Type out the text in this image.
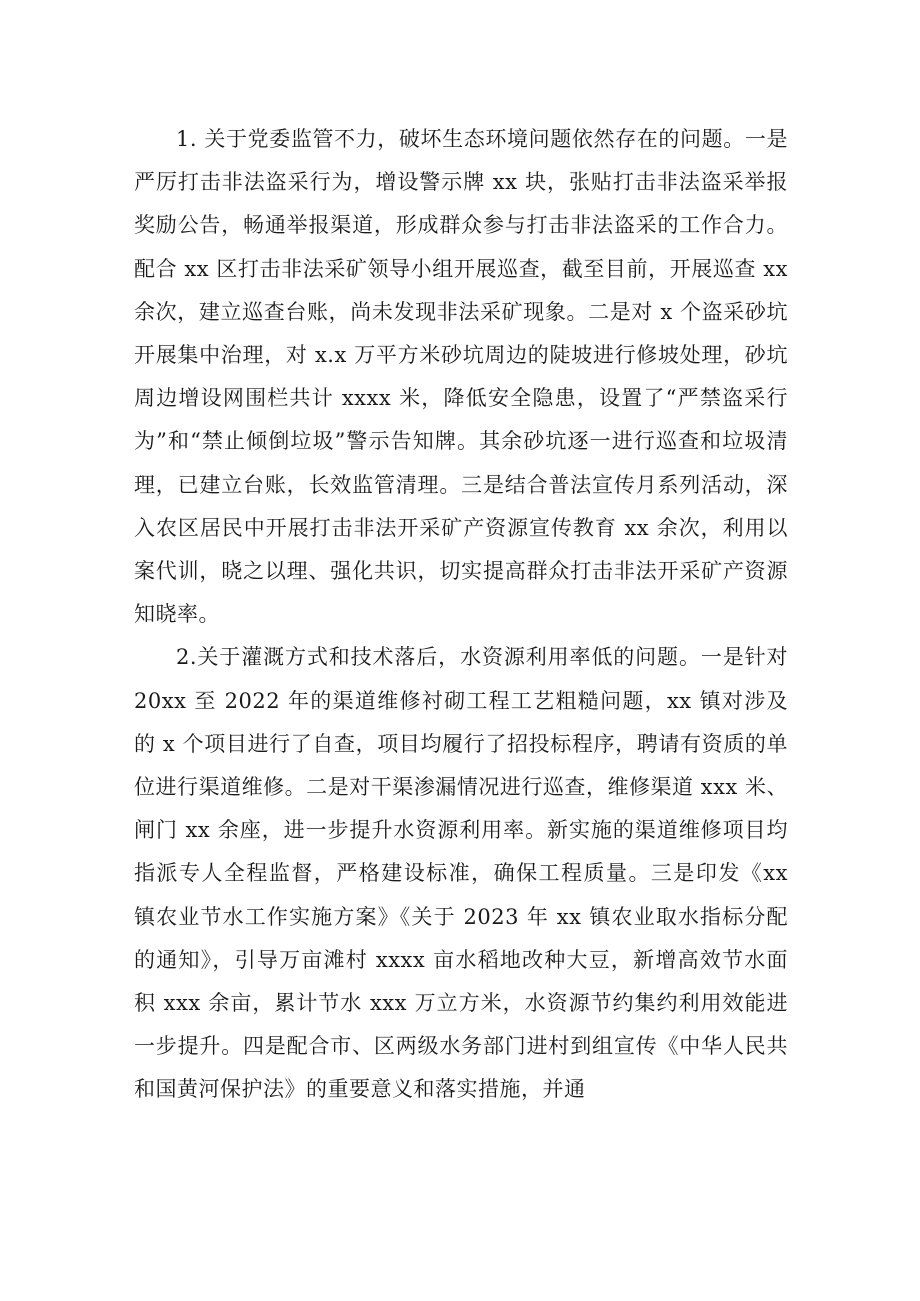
1. 关于党委监管不力，破坏生态环境问题依然存在的问题。一是严厉打击非法盗采行为，增设警示牌 xx 块，张贴打击非法盗采举报奖励公告，畅通举报渠道，形成群众参与打击非法盗采的工作合力。配合 xx 区打击非法采矿领导小组开展巡查，截至目前，开展巡查 xx 余次，建立巡查台账，尚未发现非法采矿现象。二是对 x 个盗采砂坑开展集中治理，对 x.x 万平方米砂坑周边的陡坡进行修坡处理，砂坑周边增设网围栏共计 xxxx 米，降低安全隐患，设置了“严禁盗采行为”和“禁止倾倒垃圾”警示告知牌。其余砂坑逐一进行巡查和垃圾清理，已建立台账，长效监管清理。三是结合普法宣传月系列活动，深入农区居民中开展打击非法开采矿产资源宣传教育 xx 余次，利用以案代训，晓之以理、强化共识，切实提高群众打击非法开采矿产资源知晓率。

2.关于灌溉方式和技术落后，水资源利用率低的问题。一是针对 20xx 至 2022 年的渠道维修衬砌工程工艺粗糙问题，xx 镇对涉及的 x 个项目进行了自查，项目均履行了招投标程序，聘请有资质的单位进行渠道维修。二是对干渠渗漏情况进行巡查，维修渠道 xxx 米、闸门 xx 余座，进一步提升水资源利用率。新实施的渠道维修项目均指派专人全程监督，严格建设标准，确保工程质量。三是印发《xx 镇农业节水工作实施方案》《关于 2023 年 xx 镇农业取水指标分配的通知》，引导万亩滩村 xxxx 亩水稻地改种大豆，新增高效节水面积 xxx 余亩，累计节水 xxx 万立方米，水资源节约集约利用效能进一步提升。四是配合市、区两级水务部门进村到组宣传《中华人民共和国黄河保护法》的重要意义和落实措施，并通
